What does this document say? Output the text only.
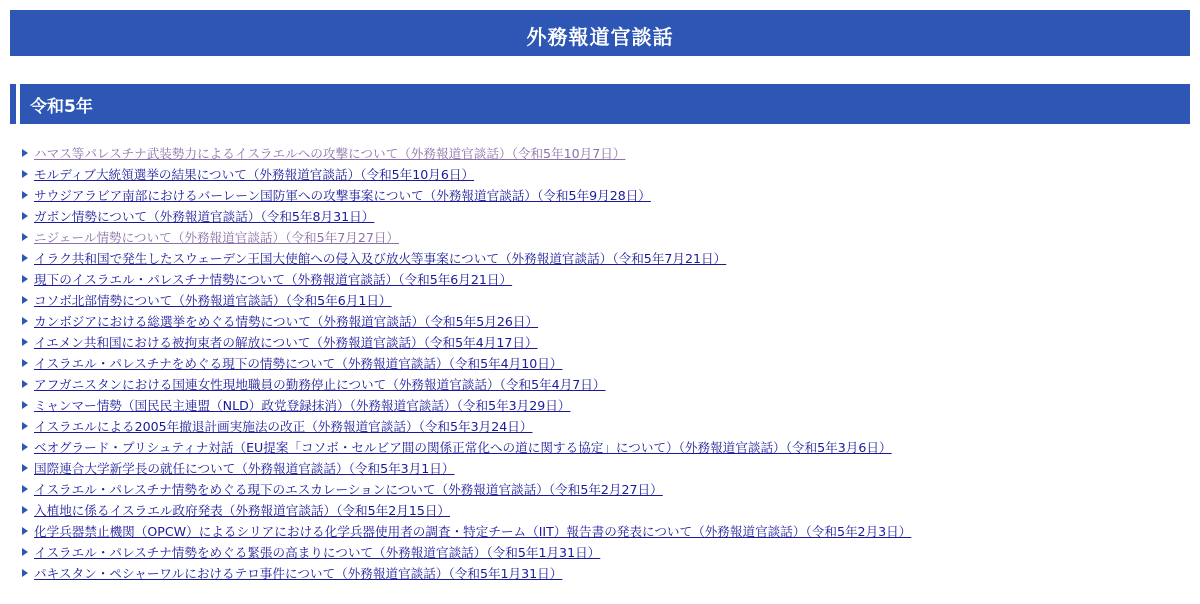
外務報道官談話
令和5年
ハマス等パレスチナ武装勢力によるイスラエルへの攻撃について（外務報道官談話）（令和5年10月7日）
モルディブ大統領選挙の結果について（外務報道官談話）（令和5年10月6日）
サウジアラビア南部におけるバーレーン国防軍への攻撃事案について（外務報道官談話）（令和5年9月28日）
ガボン情勢について（外務報道官談話）（令和5年8月31日）
ニジェール情勢について（外務報道官談話）（令和5年7月27日）
イラク共和国で発生したスウェーデン王国大使館への侵入及び放火等事案について（外務報道官談話）（令和5年7月21日）
現下のイスラエル・パレスチナ情勢について（外務報道官談話）（令和5年6月21日）
コソボ北部情勢について（外務報道官談話）（令和5年6月1日）
カンボジアにおける総選挙をめぐる情勢について（外務報道官談話）（令和5年5月26日）
イエメン共和国における被拘束者の解放について（外務報道官談話）（令和5年4月17日）
イスラエル・パレスチナをめぐる現下の情勢について（外務報道官談話）（令和5年4月10日）
アフガニスタンにおける国連女性現地職員の勤務停止について（外務報道官談話）（令和5年4月7日）
ミャンマー情勢（国民民主連盟（NLD）政党登録抹消）（外務報道官談話）（令和5年3月29日）
イスラエルによる2005年撤退計画実施法の改正（外務報道官談話）（令和5年3月24日）
ベオグラード・プリシュティナ対話（EU提案「コソボ・セルビア間の関係正常化への道に関する協定」について）（外務報道官談話）（令和5年3月6日）
国際連合大学新学長の就任について（外務報道官談話）（令和5年3月1日）
イスラエル・パレスチナ情勢をめぐる現下のエスカレーションについて（外務報道官談話）（令和5年2月27日）
入植地に係るイスラエル政府発表（外務報道官談話）（令和5年2月15日）
化学兵器禁止機関（OPCW）によるシリアにおける化学兵器使用者の調査・特定チーム（IIT）報告書の発表について（外務報道官談話）（令和5年2月3日）
イスラエル・パレスチナ情勢をめぐる緊張の高まりについて（外務報道官談話）（令和5年1月31日）
パキスタン・ペシャーワルにおけるテロ事件について（外務報道官談話）（令和5年1月31日）
